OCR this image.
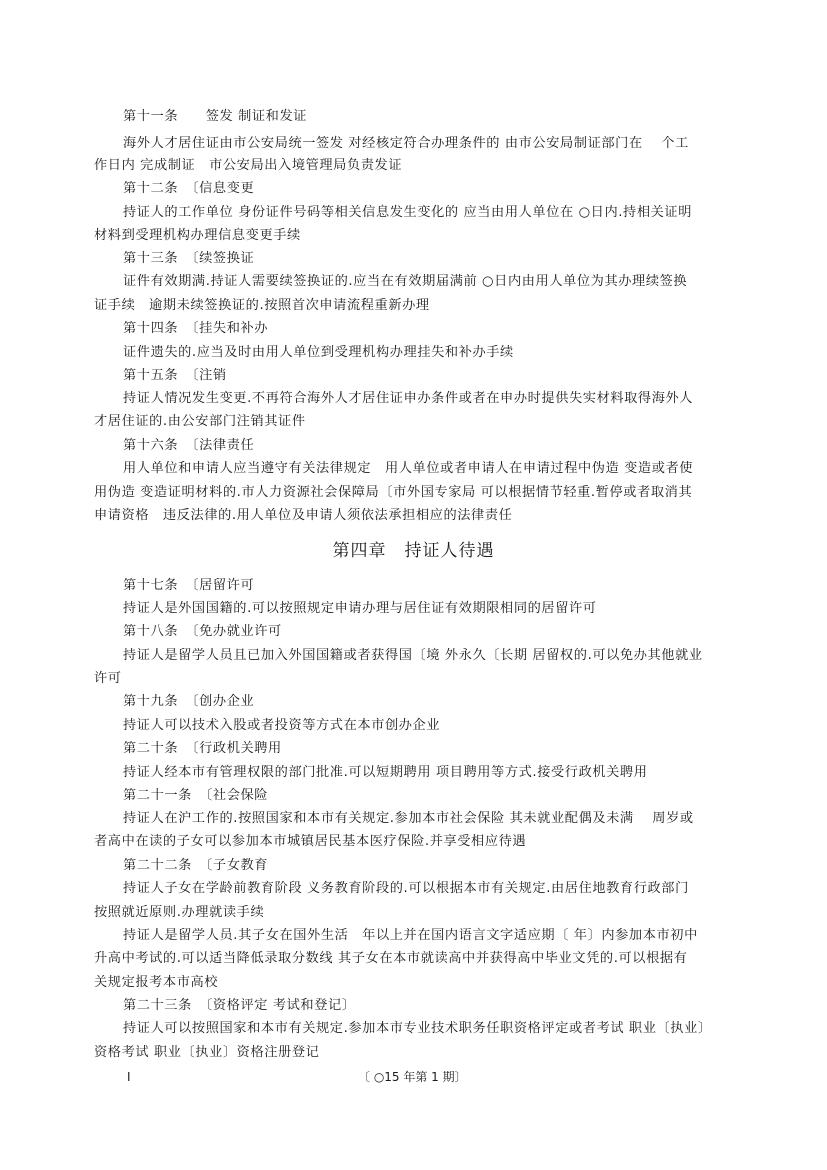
第十一条　　签发 制证和发证
海外人才居住证由市公安局统一签发 对经核定符合办理条件的 由市公安局制证部门在　 个工
作日内 完成制证　市公安局出入境管理局负责发证
第十二条　〔信息变更
持证人的工作单位 身份证件号码等相关信息发生变化的 应当由用人单位在 ○日内.持相关证明
材料到受理机构办理信息变更手续
第十三条　〔续签换证
证件有效期满.持证人需要续签换证的.应当在有效期届满前 ○日内由用人单位为其办理续签换
证手续　逾期未续签换证的.按照首次申请流程重新办理
第十四条　〔挂失和补办
证件遗失的.应当及时由用人单位到受理机构办理挂失和补办手续
第十五条　〔注销
持证人情况发生变更.不再符合海外人才居住证申办条件或者在申办时提供失实材料取得海外人
才居住证的.由公安部门注销其证件
第十六条　〔法律责任
用人单位和申请人应当遵守有关法律规定　用人单位或者申请人在申请过程中伪造 变造或者使
用伪造 变造证明材料的.市人力资源社会保障局〔市外国专家局 可以根据情节轻重.暂停或者取消其
申请资格　违反法律的.用人单位及申请人须依法承担相应的法律责任
第四章　持证人待遇
第十七条　〔居留许可
持证人是外国国籍的.可以按照规定申请办理与居住证有效期限相同的居留许可
第十八条　〔免办就业许可
持证人是留学人员且已加入外国国籍或者获得国〔境 外永久〔长期 居留权的.可以免办其他就业
许可
第十九条　〔创办企业
持证人可以技术入股或者投资等方式在本市创办企业
第二十条　〔行政机关聘用
持证人经本市有管理权限的部门批准.可以短期聘用 项目聘用等方式.接受行政机关聘用
第二十一条　〔社会保险
持证人在沪工作的.按照国家和本市有关规定.参加本市社会保险 其未就业配偶及未满　 周岁或
者高中在读的子女可以参加本市城镇居民基本医疗保险.并享受相应待遇
第二十二条　〔子女教育
持证人子女在学龄前教育阶段 义务教育阶段的.可以根据本市有关规定.由居住地教育行政部门
按照就近原则.办理就读手续
持证人是留学人员.其子女在国外生活　年以上并在国内语言文字适应期〔 年〕内参加本市初中
升高中考试的.可以适当降低录取分数线 其子女在本市就读高中并获得高中毕业文凭的.可以根据有
关规定报考本市高校
第二十三条　〔资格评定 考试和登记〕
持证人可以按照国家和本市有关规定.参加本市专业技术职务任职资格评定或者考试 职业〔执业〕
资格考试 职业〔执业〕资格注册登记
I	〔 ○15 年第 1 期〕
